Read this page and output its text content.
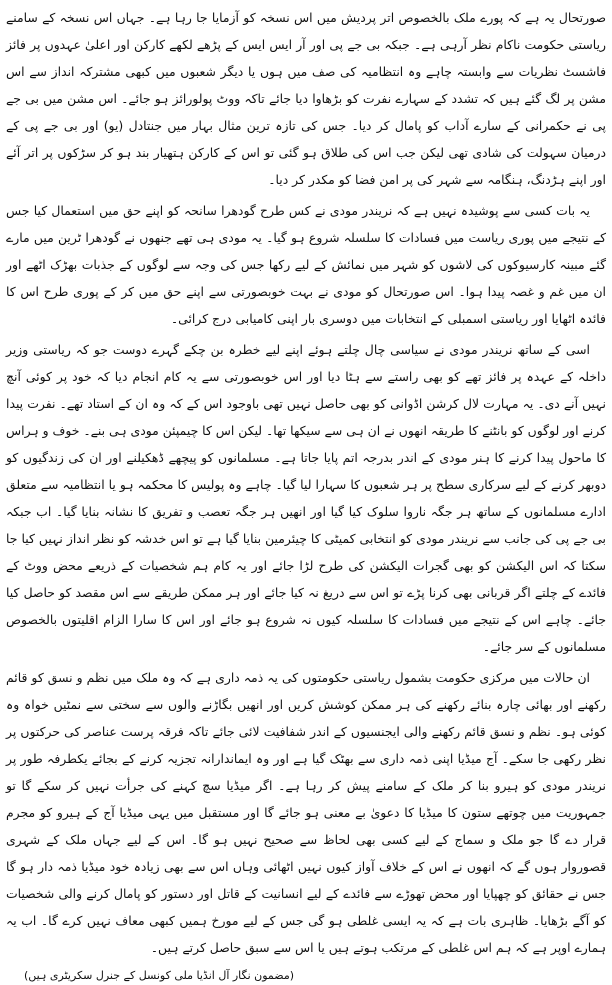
صورتحال یہ ہے کہ پورے ملک بالخصوص اتر پردیش میں اس نسخہ کو آزمایا جا رہا ہے۔ جہاں اس نسخہ کے سامنے ریاستی حکومت ناکام نظر آرہی ہے۔ جبکہ بی جے پی اور آر ایس ایس کے پڑھے لکھے کارکن اور اعلیٰ عہدوں پر فائز فاشسٹ نظریات سے وابستہ چاہے وہ انتظامیہ کی صف میں ہوں یا دیگر شعبوں میں کبھی مشترکہ انداز سے اس مشن پر لگ گئے ہیں کہ تشدد کے سہارے نفرت کو بڑھاوا دیا جائے تاکہ ووٹ پولورائز ہو جائے۔ اس مشن میں بی جے پی نے حکمرانی کے سارے آداب کو پامال کر دیا۔ جس کی تازہ ترین مثال بہار میں جنتادل (یو) اور بی جے پی کے درمیان سہولت کی شادی تھی لیکن جب اس کی طلاق ہو گئی تو اس کے کارکن ہتھیار بند ہو کر سڑکوں پر اتر آئے اور اپنے ہڑدنگ، ہنگامہ سے شہر کی پر امن فضا کو مکدر کر دیا۔

یہ بات کسی سے پوشیدہ نہیں ہے کہ نریندر مودی نے کس طرح گودھرا سانحہ کو اپنے حق میں استعمال کیا جس کے نتیجے میں پوری ریاست میں فسادات کا سلسلہ شروع ہو گیا۔ یہ مودی ہی تھے جنھوں نے گودھرا ٹرین میں مارے گئے مبینہ کارسیوکوں کی لاشوں کو شہر میں نمائش کے لیے رکھا جس کی وجہ سے لوگوں کے جذبات بھڑک اٹھے اور ان میں غم و غصہ پیدا ہوا۔ اس صورتحال کو مودی نے بہت خوبصورتی سے اپنے حق میں کر کے پوری طرح اس کا فائدہ اٹھایا اور ریاستی اسمبلی کے انتخابات میں دوسری بار اپنی کامیابی درج کرائی۔

اسی کے ساتھ نریندر مودی نے سیاسی چال چلتے ہوئے اپنے لیے خطرہ بن چکے گہرے دوست جو کہ ریاستی وزیر داخلہ کے عہدہ پر فائز تھے کو بھی راستے سے ہٹا دیا اور اس خوبصورتی سے یہ کام انجام دیا کہ خود پر کوئی آنچ نہیں آنے دی۔ یہ مہارت لال کرشن اڈوانی کو بھی حاصل نہیں تھی باوجود اس کے کہ وہ ان کے استاد تھے۔ نفرت پیدا کرنے اور لوگوں کو بانٹنے کا طریقہ انھوں نے ان ہی سے سیکھا تھا۔ لیکن اس کا چیمپئن مودی ہی بنے۔ خوف و ہراس کا ماحول پیدا کرنے کا ہنر مودی کے اندر بدرجہ اتم پایا جاتا ہے۔ مسلمانوں کو پیچھے ڈھکیلنے اور ان کی زندگیوں کو دوبھر کرنے کے لیے سرکاری سطح پر ہر شعبوں کا سہارا لیا گیا۔ چاہے وہ پولیس کا محکمہ ہو یا انتظامیہ سے متعلق ادارے مسلمانوں کے ساتھ ہر جگہ ناروا سلوک کیا گیا اور انھیں ہر جگہ تعصب و تفریق کا نشانہ بنایا گیا۔ اب جبکہ بی جے پی کی جانب سے نریندر مودی کو انتخابی کمیٹی کا چیئرمین بنایا گیا ہے تو اس خدشہ کو نظر انداز نہیں کیا جا سکتا کہ اس الیکشن کو بھی گجرات الیکشن کی طرح لڑا جائے اور یہ کام ہم شخصیات کے ذریعے محض ووٹ کے فائدے کے چلتے اگر قربانی بھی کرنا پڑے تو اس سے دریغ نہ کیا جائے اور ہر ممکن طریقے سے اس مقصد کو حاصل کیا جائے۔ چاہے اس کے نتیجے میں فسادات کا سلسلہ کیوں نہ شروع ہو جائے اور اس کا سارا الزام اقلیتوں بالخصوص مسلمانوں کے سر جائے۔

ان حالات میں مرکزی حکومت بشمول ریاستی حکومتوں کی یہ ذمہ داری ہے کہ وہ ملک میں نظم و نسق کو قائم رکھنے اور بھائی چارہ بنائے رکھنے کی ہر ممکن کوشش کریں اور انھیں بگاڑنے والوں سے سختی سے نمٹیں خواہ وہ کوئی ہو۔ نظم و نسق قائم رکھنے والی ایجنسیوں کے اندر شفافیت لائی جائے تاکہ فرقہ پرست عناصر کی حرکتوں پر نظر رکھی جا سکے۔ آج میڈیا اپنی ذمہ داری سے بھٹک گیا ہے اور وہ ایماندارانہ تجزیہ کرنے کے بجائے یکطرفہ طور پر نریندر مودی کو ہیرو بنا کر ملک کے سامنے پیش کر رہا ہے۔ اگر میڈیا سچ کہنے کی جرأت نہیں کر سکے گا تو جمہوریت میں چوتھے ستون کا میڈیا کا دعویٰ بے معنی ہو جائے گا اور مستقبل میں یہی میڈیا آج کے ہیرو کو مجرم قرار دے گا جو ملک و سماج کے لیے کسی بھی لحاظ سے صحیح نہیں ہو گا۔ اس کے لیے جہاں ملک کے شہری قصوروار ہوں گے کہ انھوں نے اس کے خلاف آواز کیوں نہیں اٹھائی وہاں اس سے بھی زیادہ خود میڈیا ذمہ دار ہو گا جس نے حقائق کو چھپایا اور محض تھوڑے سے فائدے کے لیے انسانیت کے قاتل اور دستور کو پامال کرنے والی شخصیات کو آگے بڑھایا۔ ظاہری بات ہے کہ یہ ایسی غلطی ہو گی جس کے لیے مورخ ہمیں کبھی معاف نہیں کرے گا۔ اب یہ ہمارے اوپر ہے کہ ہم اس غلطی کے مرتکب ہوتے ہیں یا اس سے سبق حاصل کرتے ہیں۔

(مضمون نگار آل انڈیا ملی کونسل کے جنرل سکریٹری ہیں)
